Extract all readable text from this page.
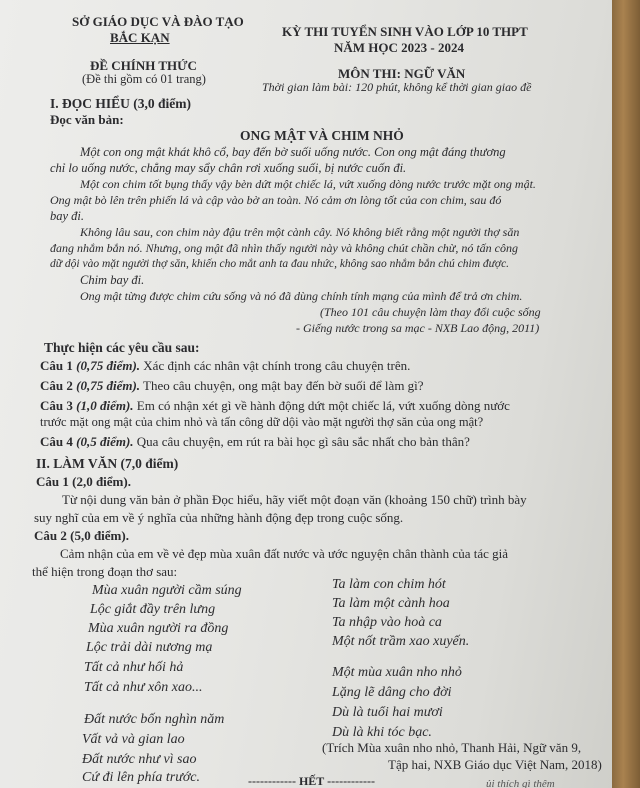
SỞ GIÁO DỤC VÀ ĐÀO TẠO
BẮC KẠN
ĐỀ CHÍNH THỨC
(Đề thi gồm có 01 trang)
KỲ THI TUYỂN SINH VÀO LỚP 10 THPT
NĂM HỌC 2023 - 2024
MÔN THI: NGỮ VĂN
Thời gian làm bài: 120 phút, không kể thời gian giao đề
I. ĐỌC HIỂU (3,0 điểm)
Đọc văn bản:
ONG MẬT VÀ CHIM NHỎ
Một con ong mật khát khô cổ, bay đến bờ suối uống nước. Con ong mật đáng thương
chỉ lo uống nước, chẳng may sẩy chân rơi xuống suối, bị nước cuốn đi.
Một con chim tốt bụng thấy vậy bèn dứt một chiếc lá, vứt xuống dòng nước trước mặt ong mật.
Ong mật bò lên trên phiến lá và cập vào bờ an toàn. Nó cảm ơn lòng tốt của con chim, sau đó
bay đi.
Không lâu sau, con chim này đậu trên một cành cây. Nó không biết rằng một người thợ săn
đang nhắm bắn nó. Nhưng, ong mật đã nhìn thấy người này và không chút chần chừ, nó tấn công
dữ dội vào mặt người thợ săn, khiến cho mắt anh ta đau nhức, không sao nhắm bắn chú chim được.
Chim bay đi.
Ong mật từng được chim cứu sống và nó đã dùng chính tính mạng của mình để trả ơn chim.
(Theo 101 câu chuyện làm thay đổi cuộc sống
- Giếng nước trong sa mạc - NXB Lao động, 2011)
Thực hiện các yêu cầu sau:
Câu 1 (0,75 điểm). Xác định các nhân vật chính trong câu chuyện trên.
Câu 2 (0,75 điểm). Theo câu chuyện, ong mật bay đến bờ suối để làm gì?
Câu 3 (1,0 điểm). Em có nhận xét gì về hành động dứt một chiếc lá, vứt xuống dòng nước
trước mặt ong mật của chim nhỏ và tấn công dữ dội vào mặt người thợ săn của ong mật?
Câu 4 (0,5 điểm). Qua câu chuyện, em rút ra bài học gì sâu sắc nhất cho bản thân?
II. LÀM VĂN (7,0 điểm)
Câu 1 (2,0 điểm).
Từ nội dung văn bản ở phần Đọc hiểu, hãy viết một đoạn văn (khoảng 150 chữ) trình bày
suy nghĩ của em về ý nghĩa của những hành động đẹp trong cuộc sống.
Câu 2 (5,0 điểm).
Cảm nhận của em về vẻ đẹp mùa xuân đất nước và ước nguyện chân thành của tác giả
thể hiện trong đoạn thơ sau:
Mùa xuân người cầm súng
Lộc giắt đầy trên lưng
Mùa xuân người ra đồng
Lộc trải dài nương mạ
Tất cả như hối hả
Tất cả như xôn xao...
Đất nước bốn nghìn năm
Vất vả và gian lao
Đất nước như vì sao
Cứ đi lên phía trước.
Ta làm con chim hót
Ta làm một cành hoa
Ta nhập vào hoà ca
Một nốt trầm xao xuyến.
Một mùa xuân nho nhỏ
Lặng lẽ dâng cho đời
Dù là tuổi hai mươi
Dù là khi tóc bạc.
(Trích Mùa xuân nho nhỏ, Thanh Hải, Ngữ văn 9,
Tập hai, NXB Giáo dục Việt Nam, 2018)
------------ HẾT ------------	ủi thích gì thêm
